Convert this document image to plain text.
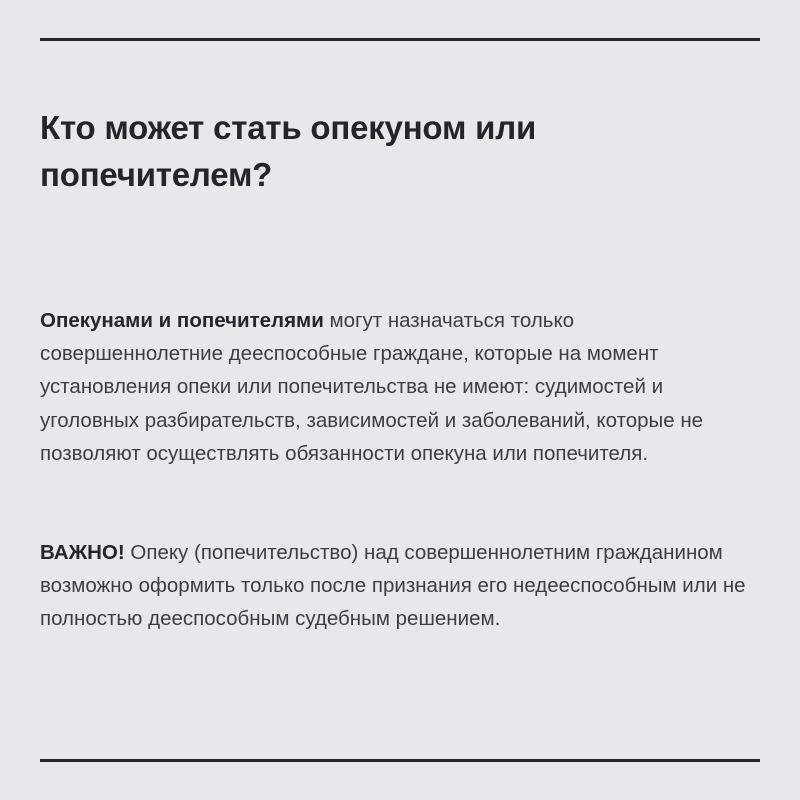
Кто может стать опекуном или попечителем?

Опекунами и попечителями могут назначаться только совершеннолетние дееспособные граждане, которые на момент установления опеки или попечительства не имеют: судимостей и уголовных разбирательств, зависимостей и заболеваний, которые не позволяют осуществлять обязанности опекуна или попечителя.

ВАЖНО! Опеку (попечительство) над совершеннолетним гражданином возможно оформить только после признания его недееспособным или не полностью дееспособным судебным решением.
